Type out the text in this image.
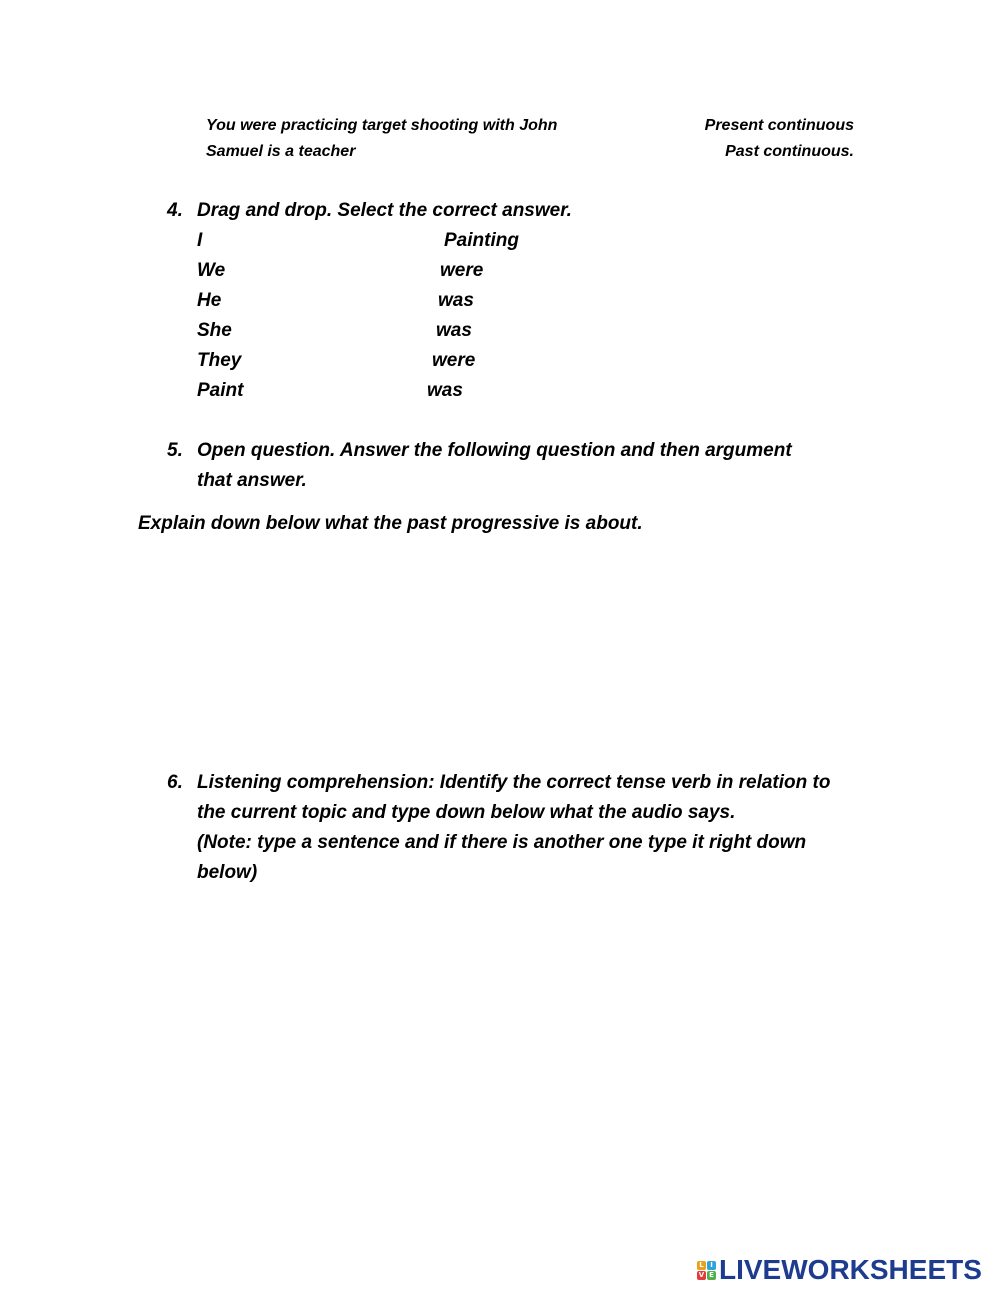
You were practicing target shooting with John	Present continuous
Samuel is a teacher	Past continuous.
4. Drag and drop. Select the correct answer.
I	Painting
We	were
He	was
She	was
They	were
Paint	was
5. Open question. Answer the following question and then argument
that answer.
Explain down below what the past progressive is about.
6. Listening comprehension: Identify the correct tense verb in relation to
the current topic and type down below what the audio says.
(Note: type a sentence and if there is another one type it right down
below)
L I
V E LIVEWORKSHEETS
